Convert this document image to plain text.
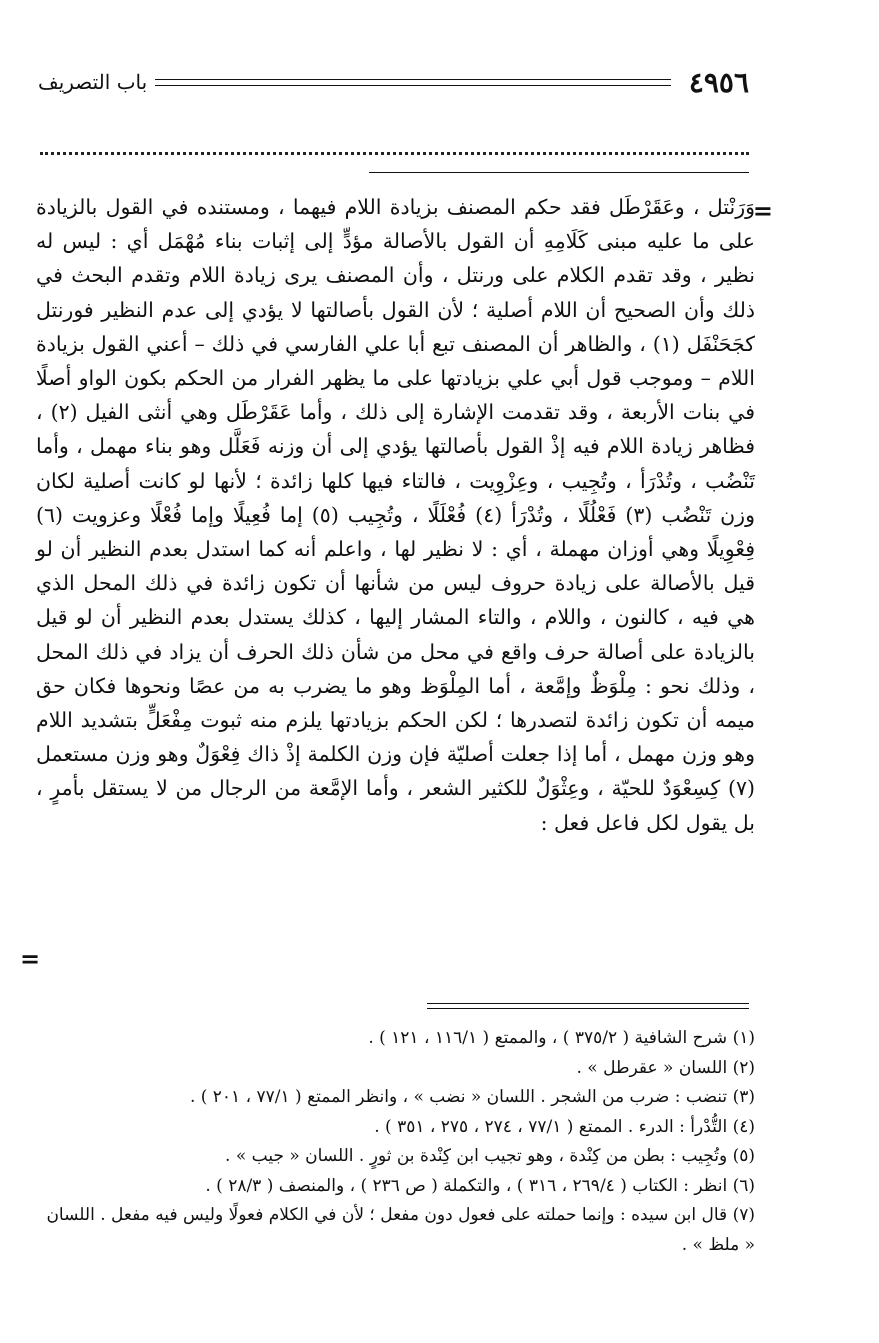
٤٩٥٦
باب التصريف
=

وَرَنْتل ، وعَقَرْطَل فقد حكم المصنف بزيادة اللام فيهما ، ومستنده في القول بالزيادة على ما عليه مبنى كَلَامِهِ أن القول بالأصالة مؤدٍّ إلى إثبات بناء مُهْمَل أي : ليس له نظير ، وقد تقدم الكلام على ورنتل ، وأن المصنف يرى زيادة اللام وتقدم البحث في ذلك وأن الصحيح أن اللام أصلية ؛ لأن القول بأصالتها لا يؤدي إلى عدم النظير فورنتل كجَحَنْفَل (١) ، والظاهر أن المصنف تبع أبا علي الفارسي في ذلك – أعني القول بزيادة اللام – وموجب قول أبي علي بزيادتها على ما يظهر الفرار من الحكم بكون الواو أصلًا في بنات الأربعة ، وقد تقدمت الإشارة إلى ذلك ، وأما عَقَرْطَل وهي أنثى الفيل (٢) ، فظاهر زيادة اللام فيه إذْ القول بأصالتها يؤدي إلى أن وزنه فَعَلَّل وهو بناء مهمل ، وأما تَنْضُب ، وتُدْرَأ ، وتُجِيب ، وعِزْوِيت ، فالتاء فيها كلها زائدة ؛ لأنها لو كانت أصلية لكان وزن تَنْضُب (٣) فَعْلُلًا ، وتُدْرَأ (٤) فُعْلَلًا ، وتُجِيب (٥) إما فُعِيلًا وإما فُعْلًا وعزويت (٦) فِعْوِيلًا وهي أوزان مهملة ، أي : لا نظير لها ، واعلم أنه كما استدل بعدم النظير أن لو قيل بالأصالة على زيادة حروف ليس من شأنها أن تكون زائدة في ذلك المحل الذي هي فيه ، كالنون ، واللام ، والتاء المشار إليها ، كذلك يستدل بعدم النظير أن لو قيل بالزيادة على أصالة حرف واقع في محل من شأن ذلك الحرف أن يزاد في ذلك المحل ، وذلك نحو : مِلْوَظٌ وإمَّعة ، أما المِلْوَظ وهو ما يضرب به من عصًا ونحوها فكان حق ميمه أن تكون زائدة لتصدرها ؛ لكن الحكم بزيادتها يلزم منه ثبوت مِفْعَلٍّ بتشديد اللام وهو وزن مهمل ، أما إذا جعلت أصليّة فإن وزن الكلمة إذْ ذاك فِعْوَلٌ وهو وزن مستعمل (٧) كِسِعْوَدٌ للحيّة ، وعِثْوَلٌ للكثير الشعر ، وأما الإمَّعة من الرجال من لا يستقل بأمرٍ ، بل يقول لكل فاعل فعل :

=

(١) شرح الشافية ( ٣٧٥/٢ ) ، والممتع ( ١١٦/١ ، ١٢١ ) .

(٢) اللسان « عقرطل » .

(٣) تنضب : ضرب من الشجر . اللسان « نضب » ، وانظر الممتع ( ٧٧/١ ، ٢٠١ ) .

(٤) التُّدْرأ : الدرء . الممتع ( ٧٧/١ ، ٢٧٤ ، ٢٧٥ ، ٣٥١ ) .

(٥) وتُجِيب : بطن من كِنْدة ، وهو تجيب ابن كِنْدة بن ثورٍ . اللسان « جيب » .

(٦) انظر : الكتاب ( ٢٦٩/٤ ، ٣١٦ ) ، والتكملة ( ص ٢٣٦ ) ، والمنصف ( ٢٨/٣ ) .

(٧) قال ابن سيده : وإنما حملته على فعول دون مفعل ؛ لأن في الكلام فعولًا وليس فيه مفعل . اللسان « ملظ » .
